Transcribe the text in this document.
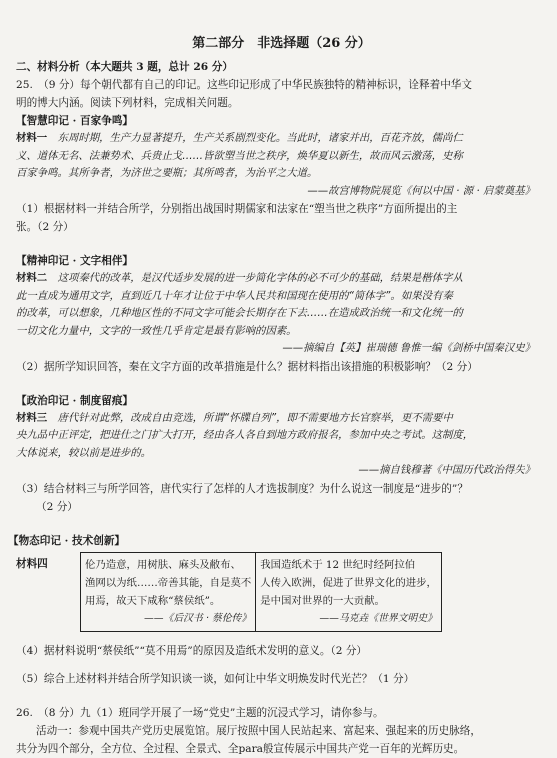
第二部分　非选择题（26 分）
二、材料分析（本大题共 3 题，总计 26 分）
25.　（9 分）每个朝代都有自己的印记。这些印记形成了中华民族独特的精神标识，诠释着中华文
明的博大内涵。阅读下列材料，完成相关问题。
【智慧印记 · 百家争鸣】
材料一　东周时期，生产力显著提升，生产关系剧烈变化。当此时，诸家并出，百花齐放，儒尚仁
义、道体无名、法兼势术、兵贵止戈……皆欲塑当世之秩序，焕华夏以新生，故而风云激荡，史称
百家争鸣。其所争者，为济世之要瓶；其所鸣者，为治平之大道。
——故宫博物院展览《何以中国 · 源 · 启蒙奠基》
（1）根据材料一并结合所学，分别指出战国时期儒家和法家在“塑当世之秩序”方面所提出的主
张。（2 分）
【精神印记 · 文字相伴】
材料二　这项秦代的改革，是汉代适步发展的进一步简化字体的必不可少的基础，结果是楷体字从
此一直成为通用文字，直到近几十年才让位于中华人民共和国现在使用的“简体字”。如果没有秦
的改革，可以想象，几种地区性的不同文字可能会长期存在下去……在造成政治统一和文化统一的
一切文化力量中，文字的一致性几乎肯定是最有影响的因素。
——摘编自【英】崔瑞德 鲁惟一编《剑桥中国秦汉史》
（2）据所学知识回答，秦在文字方面的改革措施是什么？据材料指出该措施的积极影响？（2 分）
【政治印记 · 制度留痕】
材料三　唐代针对此弊，改成自由竞选，所谓“怀牒自列”，即不需要地方长官察举，更不需要中
央九品中正评定，把进仕之门扩大打开，经由各人各自到地方政府报名，参加中央之考试。这制度，
大体说来，较以前是进步的。
——摘自钱穆著《中国历代政治得失》
（3）结合材料三与所学回答，唐代实行了怎样的人才选拔制度？为什么说这一制度是“进步的”？
（2 分）
【物态印记 · 技术创新】
材料四	伦乃造意，用树肤、麻头及敝布、
渔网以为纸……帝善其能，自是莫不
用焉，故天下咸称“蔡侯纸”。
——《后汉书 · 蔡伦传》

我国造纸术于 12 世纪时经阿拉伯
人传入欧洲，促进了世界文化的进步，
是中国对世界的一大贡献。
——马克垚《世界文明史》
（4）据材料说明“蔡侯纸”“莫不用焉”的原因及造纸术发明的意义。（2 分）
（5）综合上述材料并结合所学知识谈一谈，如何让中华文明焕发时代光芒？（1 分）
26.　（8 分）九（1）班同学开展了一场“党史”主题的沉浸式学习，请你参与。
活动一：参观中国共产党历史展览馆。展厅按照中国人民站起来、富起来、强起来的历史脉络，
共分为四个部分，全方位、全过程、全景式、全para般宣传展示中国共产党一百年的光辉历史。
